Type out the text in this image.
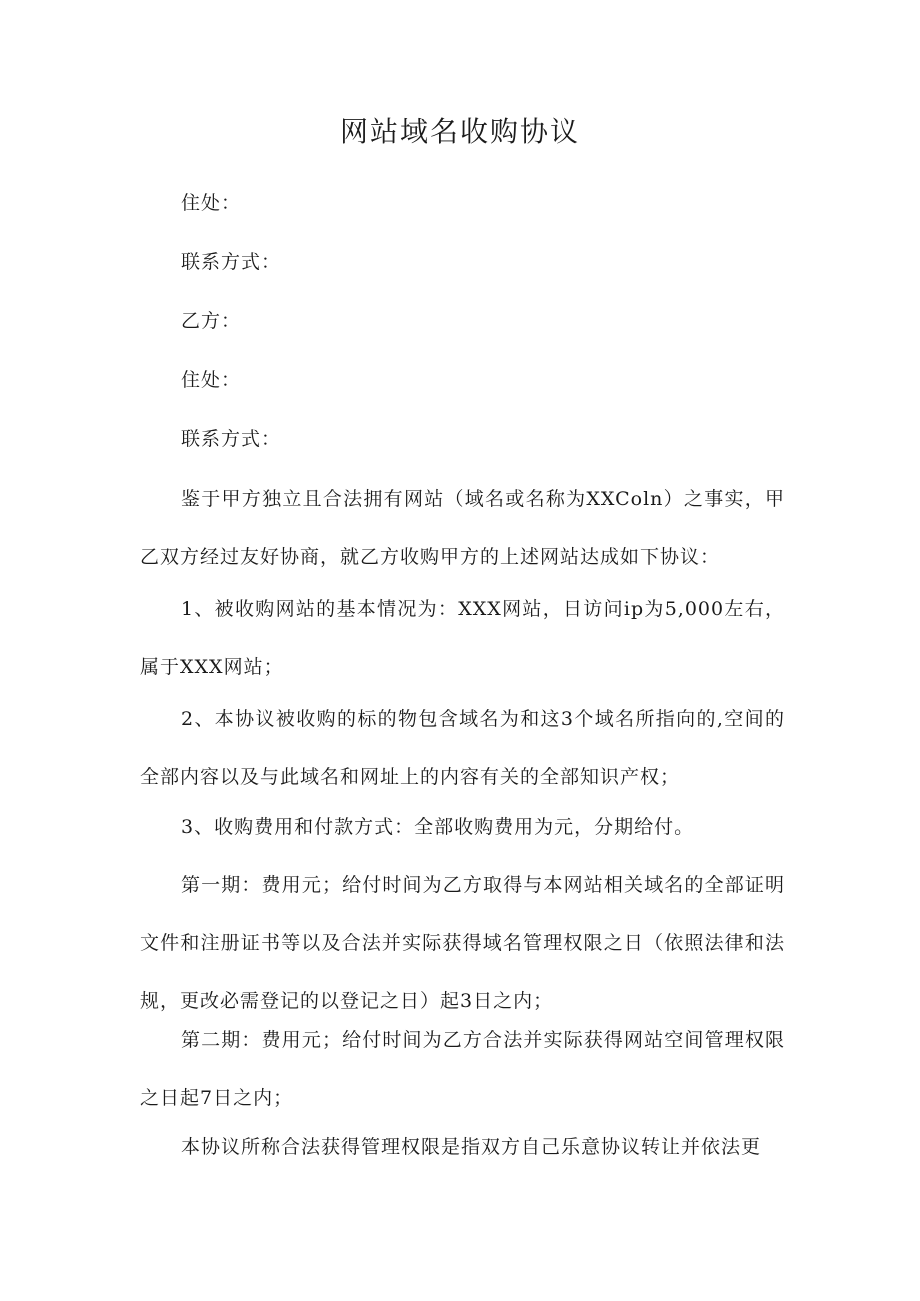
网站域名收购协议

住处：

联系方式：

乙方：

住处：

联系方式：

鉴于甲方独立且合法拥有网站（域名或名称为XXColn）之事实，甲乙双方经过友好协商，就乙方收购甲方的上述网站达成如下协议：

1、被收购网站的基本情况为：XXX网站，日访问ip为5,000左右，属于XXX网站；

2、本协议被收购的标的物包含域名为和这3个域名所指向的,空间的全部内容以及与此域名和网址上的内容有关的全部知识产权；

3、收购费用和付款方式：全部收购费用为元，分期给付。

第一期：费用元；给付时间为乙方取得与本网站相关域名的全部证明文件和注册证书等以及合法并实际获得域名管理权限之日（依照法律和法规，更改必需登记的以登记之日）起3日之内；

第二期：费用元；给付时间为乙方合法并实际获得网站空间管理权限之日起7日之内；

本协议所称合法获得管理权限是指双方自己乐意协议转让并依法更
